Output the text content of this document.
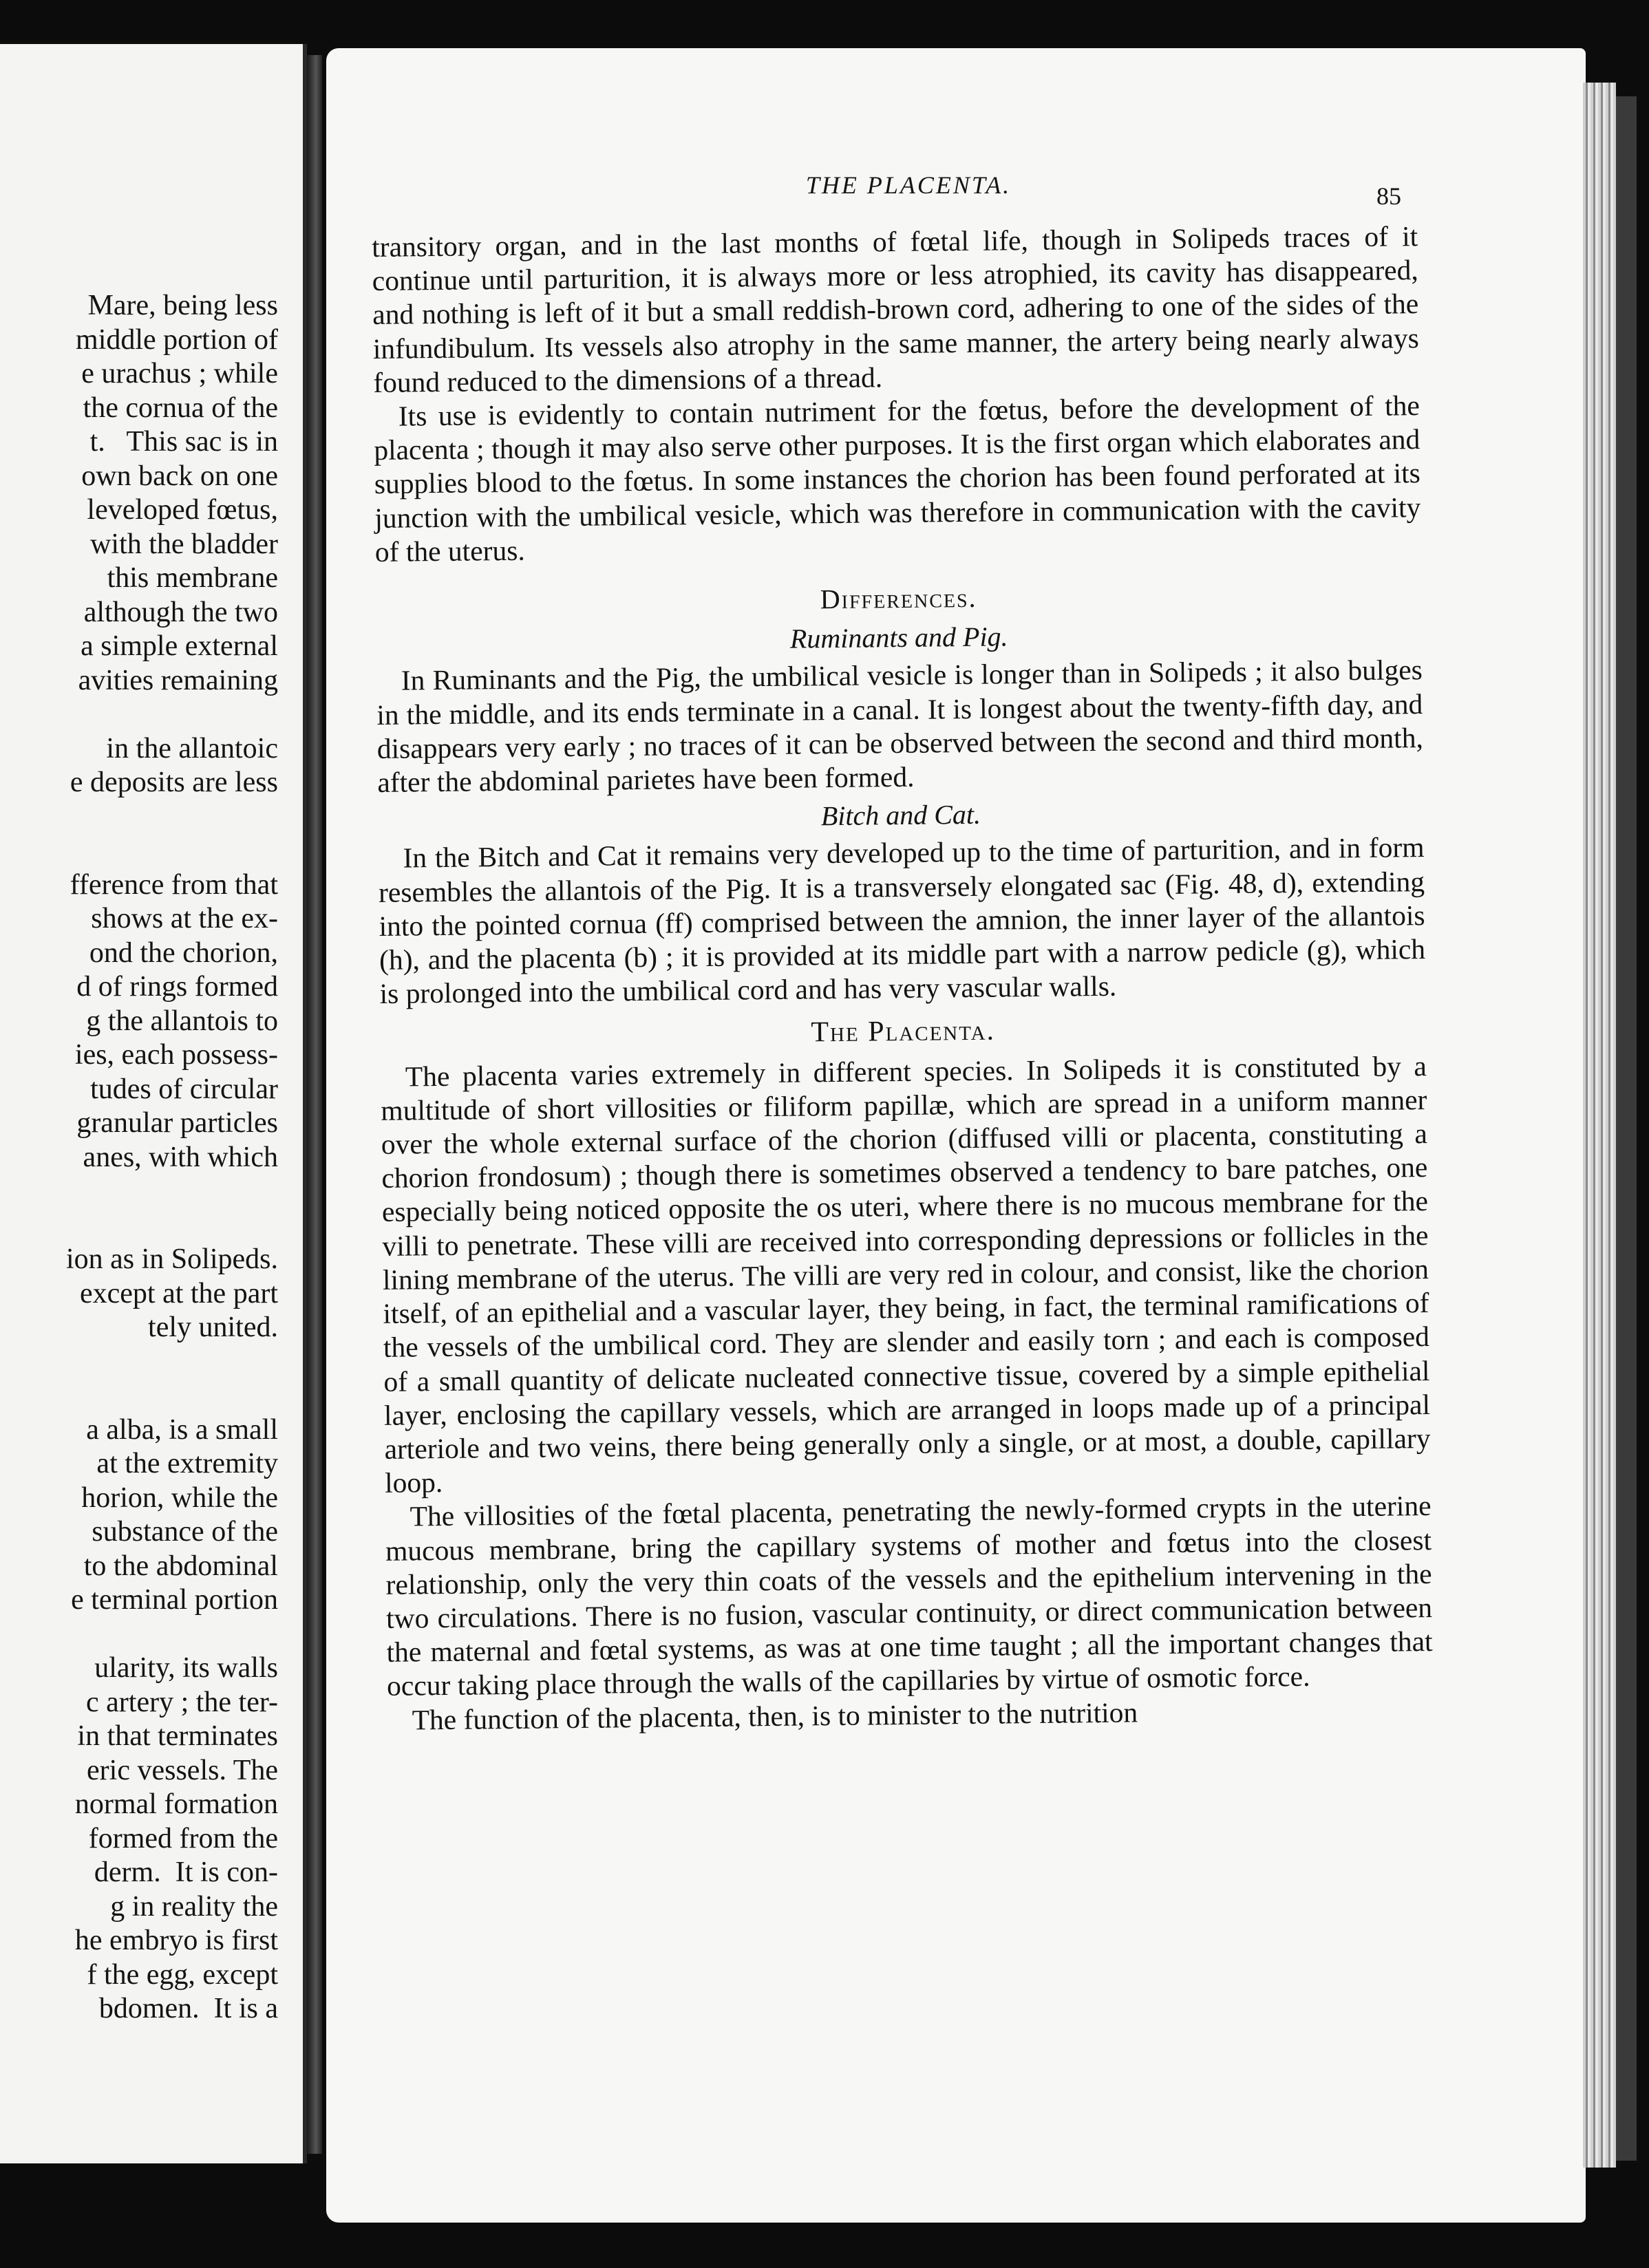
Mare, being less
middle portion of
e urachus ; while
the cornua of the
t.   This sac is in
own back on one
leveloped fœtus,
with the bladder
this membrane
although the two
a simple external
avities remaining

in the allantoic
e deposits are less

fference from that
shows at the ex-
ond the chorion,
d of rings formed
g the allantois to
ies, each possess-
tudes of circular
granular particles
anes, with which

ion as in Solipeds.
except at the part
tely united.

a alba, is a small
at the extremity
horion, while the
substance of the
to the abdominal
e terminal portion

ularity, its walls
c artery ; the ter-
in that terminates
eric vessels. The
normal formation
formed from the
derm.  It is con-
g in reality the
he embryo is first
f the egg, except
bdomen.  It is a
THE PLACENTA.	85

transitory organ, and in the last months of fœtal life, though in Solipeds traces of it continue until parturition, it is always more or less atrophied, its cavity has disappeared, and nothing is left of it but a small reddish-brown cord, adhering to one of the sides of the infundibulum. Its vessels also atrophy in the same manner, the artery being nearly always found reduced to the dimensions of a thread.

Its use is evidently to contain nutriment for the fœtus, before the development of the placenta ; though it may also serve other purposes. It is the first organ which elaborates and supplies blood to the fœtus. In some instances the chorion has been found perforated at its junction with the umbilical vesicle, which was therefore in communication with the cavity of the uterus.

Differences.
Ruminants and Pig.

In Ruminants and the Pig, the umbilical vesicle is longer than in Solipeds ; it also bulges in the middle, and its ends terminate in a canal. It is longest about the twenty-fifth day, and disappears very early ; no traces of it can be observed between the second and third month, after the abdominal parietes have been formed.

Bitch and Cat.

In the Bitch and Cat it remains very developed up to the time of parturition, and in form resembles the allantois of the Pig. It is a transversely elongated sac (Fig. 48, d), extending into the pointed cornua (ff) comprised between the amnion, the inner layer of the allantois (h), and the placenta (b) ; it is provided at its middle part with a narrow pedicle (g), which is prolonged into the umbilical cord and has very vascular walls.

The Placenta.

The placenta varies extremely in different species. In Solipeds it is constituted by a multitude of short villosities or filiform papillæ, which are spread in a uniform manner over the whole external surface of the chorion (diffused villi or placenta, constituting a chorion frondosum) ; though there is sometimes observed a tendency to bare patches, one especially being noticed opposite the os uteri, where there is no mucous membrane for the villi to penetrate. These villi are received into corresponding depressions or follicles in the lining membrane of the uterus. The villi are very red in colour, and consist, like the chorion itself, of an epithelial and a vascular layer, they being, in fact, the terminal ramifications of the vessels of the umbilical cord. They are slender and easily torn ; and each is composed of a small quantity of delicate nucleated connective tissue, covered by a simple epithelial layer, enclosing the capillary vessels, which are arranged in loops made up of a principal arteriole and two veins, there being generally only a single, or at most, a double, capillary loop.

The villosities of the fœtal placenta, penetrating the newly-formed crypts in the uterine mucous membrane, bring the capillary systems of mother and fœtus into the closest relationship, only the very thin coats of the vessels and the epithelium intervening in the two circulations. There is no fusion, vascular continuity, or direct communication between the maternal and fœtal systems, as was at one time taught ; all the important changes that occur taking place through the walls of the capillaries by virtue of osmotic force.

The function of the placenta, then, is to minister to the nutrition
